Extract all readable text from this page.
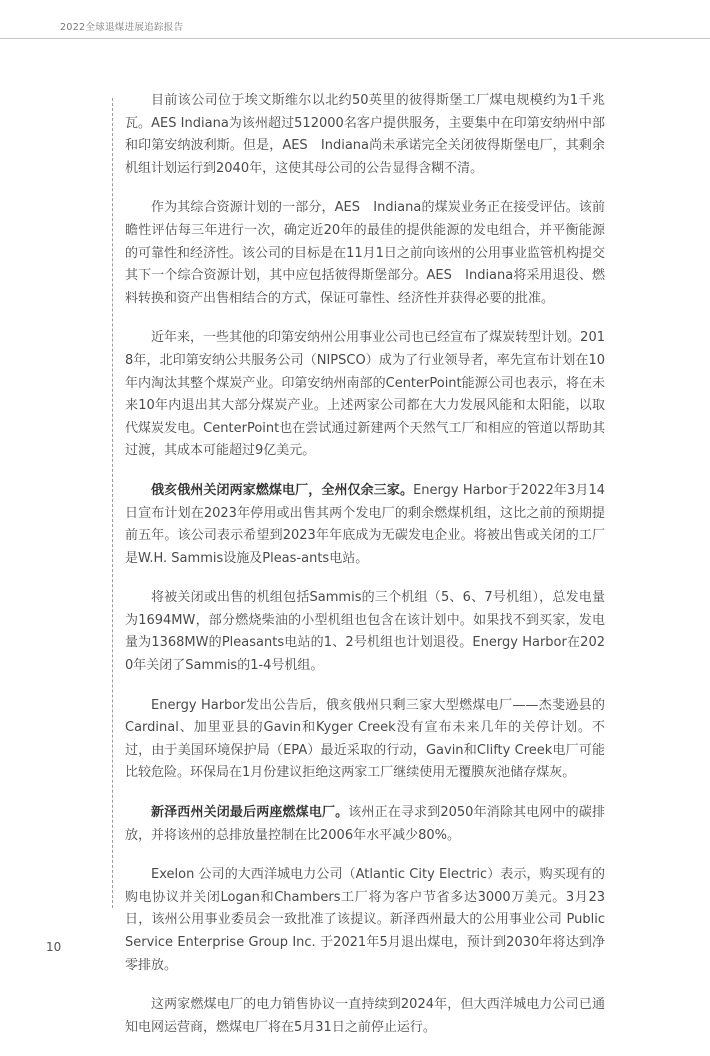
2022全球退煤进展追踪报告

目前该公司位于埃文斯维尔以北约50英里的彼得斯堡工厂煤电规模约为1千兆瓦。AES Indiana为该州超过512000名客户提供服务，主要集中在印第安纳州中部和印第安纳波利斯。但是，AES　Indiana尚未承诺完全关闭彼得斯堡电厂，其剩余机组计划运行到2040年，这使其母公司的公告显得含糊不清。

作为其综合资源计划的一部分，AES　Indiana的煤炭业务正在接受评估。该前瞻性评估每三年进行一次，确定近20年的最佳的提供能源的发电组合，并平衡能源的可靠性和经济性。该公司的目标是在11月1日之前向该州的公用事业监管机构提交其下一个综合资源计划，其中应包括彼得斯堡部分。AES　Indiana将采用退役、燃料转换和资产出售相结合的方式，保证可靠性、经济性并获得必要的批准。

近年来，一些其他的印第安纳州公用事业公司也已经宣布了煤炭转型计划。2018年，北印第安纳公共服务公司（NIPSCO）成为了行业领导者，率先宣布计划在10年内淘汰其整个煤炭产业。印第安纳州南部的CenterPoint能源公司也表示，将在未来10年内退出其大部分煤炭产业。上述两家公司都在大力发展风能和太阳能，以取代煤炭发电。CenterPoint也在尝试通过新建两个天然气工厂和相应的管道以帮助其过渡，其成本可能超过9亿美元。

俄亥俄州关闭两家燃煤电厂，全州仅余三家。Energy Harbor于2022年3月14日宣布计划在2023年停用或出售其两个发电厂的剩余燃煤机组，这比之前的预期提前五年。该公司表示希望到2023年年底成为无碳发电企业。将被出售或关闭的工厂是W.H. Sammis设施及Pleas-ants电站。

将被关闭或出售的机组包括Sammis的三个机组（5、6、7号机组），总发电量为1694MW，部分燃烧柴油的小型机组也包含在该计划中。如果找不到买家，发电量为1368MW的Pleasants电站的1、2号机组也计划退役。Energy Harbor在2020年关闭了Sammis的1-4号机组。

Energy Harbor发出公告后，俄亥俄州只剩三家大型燃煤电厂——杰斐逊县的Cardinal、加里亚县的Gavin和Kyger Creek没有宣布未来几年的关停计划。不过，由于美国环境保护局（EPA）最近采取的行动，Gavin和Clifty Creek电厂可能比较危险。环保局在1月份建议拒绝这两家工厂继续使用无覆膜灰池储存煤灰。

新泽西州关闭最后两座燃煤电厂。该州正在寻求到2050年消除其电网中的碳排放，并将该州的总排放量控制在比2006年水平减少80%。

Exelon 公司的大西洋城电力公司（Atlantic City Electric）表示，购买现有的购电协议并关闭Logan和Chambers工厂将为客户节省多达3000万美元。3月23日，该州公用事业委员会一致批准了该提议。新泽西州最大的公用事业公司 Public Service Enterprise Group Inc. 于2021年5月退出煤电，预计到2030年将达到净零排放。

这两家燃煤电厂的电力销售协议一直持续到2024年，但大西洋城电力公司已通知电网运营商，燃煤电厂将在5月31日之前停止运行。

10
